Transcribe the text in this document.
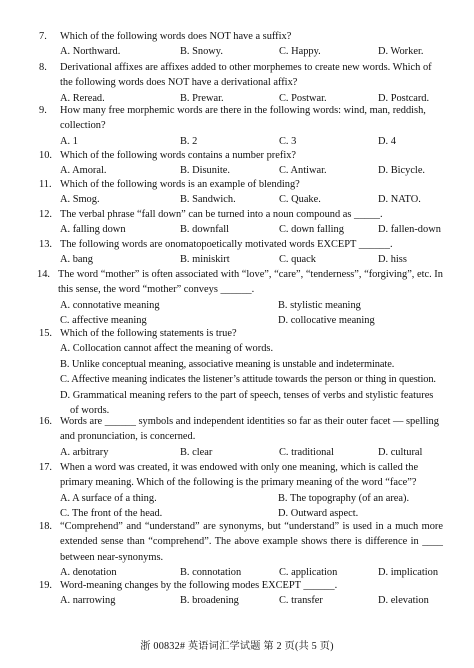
7. Which of the following words does NOT have a suffix?
A. Northward.	B. Snowy.	C. Happy.	D. Worker.
8. Derivational affixes are affixes added to other morphemes to create new words. Which of the following words does NOT have a derivational affix?
A. Reread.	B. Prewar.	C. Postwar.	D. Postcard.
9. How many free morphemic words are there in the following words: wind, man, reddish, collection?
A. 1	B. 2	C. 3	D. 4
10. Which of the following words contains a number prefix?
A. Amoral.	B. Disunite.	C. Antiwar.	D. Bicycle.
11. Which of the following words is an example of blending?
A. Smog.	B. Sandwich.	C. Quake.	D. NATO.
12. The verbal phrase “fall down” can be turned into a noun compound as _____.
A. falling down	B. downfall	C. down falling	D. fallen-down
13. The following words are onomatopoetically motivated words EXCEPT ______.
A. bang	B. miniskirt	C. quack	D. hiss
14. The word “mother” is often associated with “love”, “care”, “tenderness”, “forgiving”, etc. In this sense, the word “mother” conveys ______.
A. connotative meaning	B. stylistic meaning
C. affective meaning	D. collocative meaning
15. Which of the following statements is true?
A. Collocation cannot affect the meaning of words.
B. Unlike conceptual meaning, associative meaning is unstable and indeterminate.
C. Affective meaning indicates the listener’s attitude towards the person or thing in question.
D. Grammatical meaning refers to the part of speech, tenses of verbs and stylistic features of words.
16. Words are ______ symbols and independent identities so far as their outer facet — spelling and pronunciation, is concerned.
A. arbitrary	B. clear	C. traditional	D. cultural
17. When a word was created, it was endowed with only one meaning, which is called the primary meaning. Which of the following is the primary meaning of the word “face”?
A. A surface of a thing.	B. The topography (of an area).
C. The front of the head.	D. Outward aspect.
18. “Comprehend” and “understand” are synonyms, but “understand” is used in a much more extended sense than “comprehend”. The above example shows there is difference in ____ between near-synonyms.
A. denotation	B. connotation	C. application	D. implication
19. Word-meaning changes by the following modes EXCEPT ______.
A. narrowing	B. broadening	C. transfer	D. elevation
浙 00832# 英语词汇学试题 第 2 页(共 5 页)
